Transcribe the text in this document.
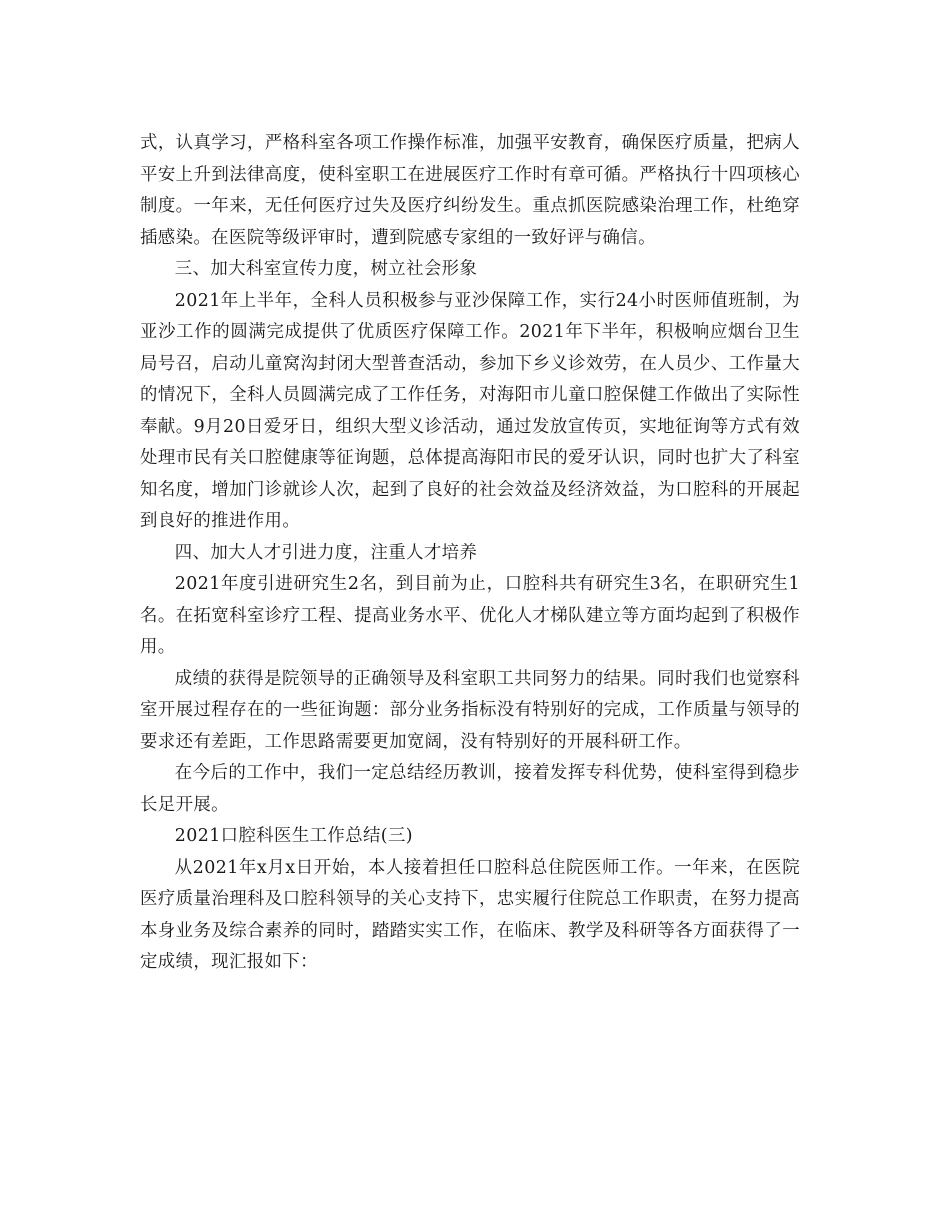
式，认真学习，严格科室各项工作操作标准，加强平安教育，确保医疗质量，把病人平安上升到法律高度，使科室职工在进展医疗工作时有章可循。严格执行十四项核心制度。一年来，无任何医疗过失及医疗纠纷发生。重点抓医院感染治理工作，杜绝穿插感染。在医院等级评审时，遭到院感专家组的一致好评与确信。

三、加大科室宣传力度，树立社会形象

2021年上半年，全科人员积极参与亚沙保障工作，实行24小时医师值班制，为亚沙工作的圆满完成提供了优质医疗保障工作。2021年下半年，积极响应烟台卫生局号召，启动儿童窝沟封闭大型普查活动，参加下乡义诊效劳，在人员少、工作量大的情况下，全科人员圆满完成了工作任务，对海阳市儿童口腔保健工作做出了实际性奉献。9月20日爱牙日，组织大型义诊活动，通过发放宣传页，实地征询等方式有效处理市民有关口腔健康等征询题，总体提高海阳市民的爱牙认识，同时也扩大了科室知名度，增加门诊就诊人次，起到了良好的社会效益及经济效益，为口腔科的开展起到良好的推进作用。

四、加大人才引进力度，注重人才培养

2021年度引进研究生2名，到目前为止，口腔科共有研究生3名，在职研究生1名。在拓宽科室诊疗工程、提高业务水平、优化人才梯队建立等方面均起到了积极作用。

成绩的获得是院领导的正确领导及科室职工共同努力的结果。同时我们也觉察科室开展过程存在的一些征询题：部分业务指标没有特别好的完成，工作质量与领导的要求还有差距，工作思路需要更加宽阔，没有特别好的开展科研工作。

在今后的工作中，我们一定总结经历教训，接着发挥专科优势，使科室得到稳步长足开展。

2021口腔科医生工作总结(三)

从2021年x月x日开始，本人接着担任口腔科总住院医师工作。一年来，在医院医疗质量治理科及口腔科领导的关心支持下，忠实履行住院总工作职责，在努力提高本身业务及综合素养的同时，踏踏实实工作，在临床、教学及科研等各方面获得了一定成绩，现汇报如下：
